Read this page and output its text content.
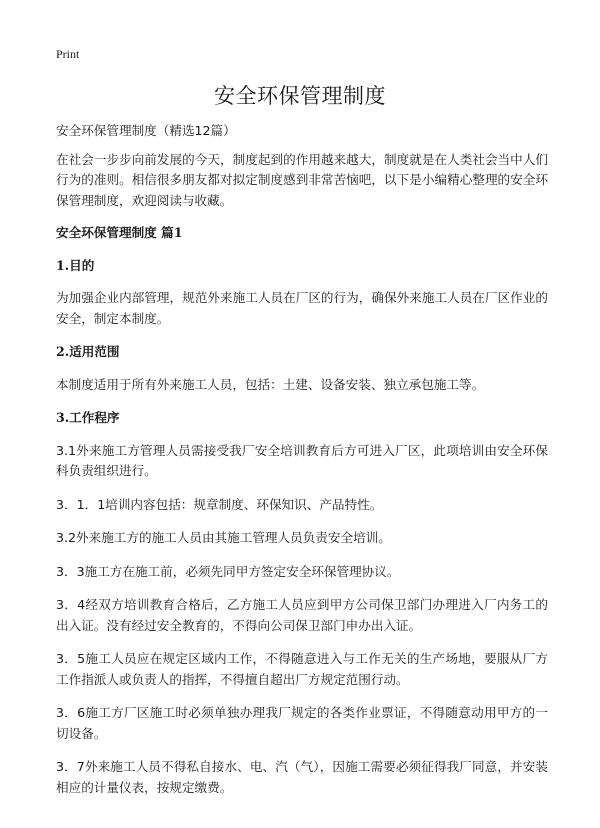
Print
安全环保管理制度

安全环保管理制度（精选12篇）

在社会一步步向前发展的今天，制度起到的作用越来越大，制度就是在人类社会当中人们行为的准则。相信很多朋友都对拟定制度感到非常苦恼吧，以下是小编精心整理的安全环保管理制度，欢迎阅读与收藏。

安全环保管理制度 篇1

1.目的

为加强企业内部管理，规范外来施工人员在厂区的行为，确保外来施工人员在厂区作业的安全，制定本制度。

2.适用范围

本制度适用于所有外来施工人员，包括：土建、设备安装、独立承包施工等。

3.工作程序

3.1外来施工方管理人员需接受我厂安全培训教育后方可进入厂区，此项培训由安全环保科负责组织进行。

3．1．1培训内容包括：规章制度、环保知识、产品特性。

3.2外来施工方的施工人员由其施工管理人员负责安全培训。

3．3施工方在施工前，必须先同甲方签定安全环保管理协议。

3．4经双方培训教育合格后，乙方施工人员应到甲方公司保卫部门办理进入厂内务工的出入证。没有经过安全教育的，不得向公司保卫部门申办出入证。

3．5施工人员应在规定区域内工作，不得随意进入与工作无关的生产场地，要服从厂方工作指派人或负责人的指挥，不得擅自超出厂方规定范围行动。

3．6施工方厂区施工时必须单独办理我厂规定的各类作业票证，不得随意动用甲方的一切设备。

3．7外来施工人员不得私自接水、电、汽（气），因施工需要必须征得我厂同意，并安装相应的计量仪表，按规定缴费。
